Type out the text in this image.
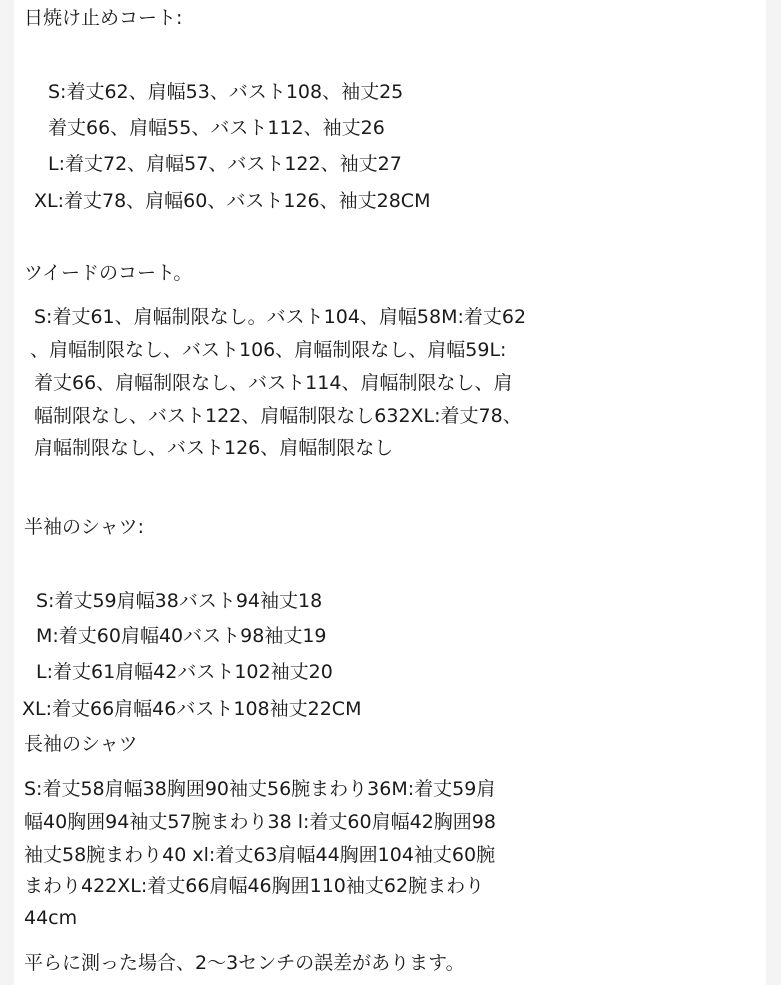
日焼け止めコート:
S:着丈62、肩幅53、バスト108、袖丈25
着丈66、肩幅55、バスト112、袖丈26
L:着丈72、肩幅57、バスト122、袖丈27
XL:着丈78、肩幅60、バスト126、袖丈28CM
ツイードのコート。
S:着丈61、肩幅制限なし。バスト104、肩幅58M:着丈62
、肩幅制限なし、バスト106、肩幅制限なし、肩幅59L:
着丈66、肩幅制限なし、バスト114、肩幅制限なし、肩
幅制限なし、バスト122、肩幅制限なし632XL:着丈78、
肩幅制限なし、バスト126、肩幅制限なし
半袖のシャツ:
S:着丈59肩幅38バスト94袖丈18
M:着丈60肩幅40バスト98袖丈19
L:着丈61肩幅42バスト102袖丈20
XL:着丈66肩幅46バスト108袖丈22CM
長袖のシャツ
S:着丈58肩幅38胸囲90袖丈56腕まわり36M:着丈59肩
幅40胸囲94袖丈57腕まわり38 l:着丈60肩幅42胸囲98
袖丈58腕まわり40 xl:着丈63肩幅44胸囲104袖丈60腕
まわり422XL:着丈66肩幅46胸囲110袖丈62腕まわり
44cm
平らに測った場合、2～3センチの誤差があります。
